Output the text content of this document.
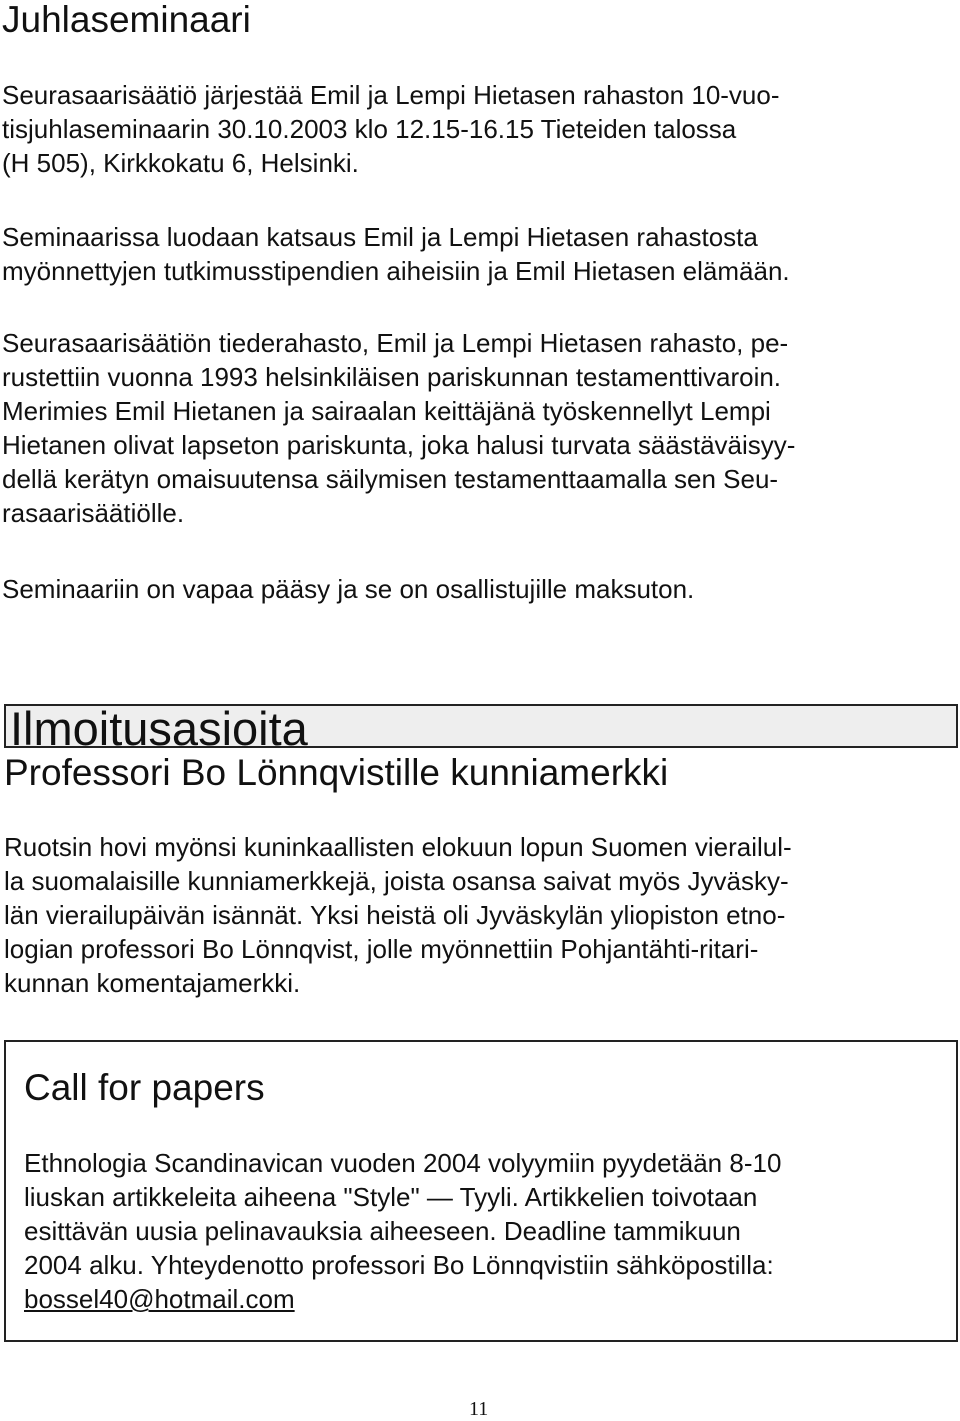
Juhlaseminaari
Seurasaarisäätiö järjestää Emil ja Lempi Hietasen rahaston 10-vuo-
tisjuhlaseminaarin 30.10.2003 klo 12.15-16.15 Tieteiden talossa
(H 505), Kirkkokatu 6, Helsinki.
Seminaarissa luodaan katsaus Emil ja Lempi Hietasen rahastosta
myönnettyjen tutkimusstipendien aiheisiin ja Emil Hietasen elämään.
Seurasaarisäätiön tiederahasto, Emil ja Lempi Hietasen rahasto, pe-
rustettiin vuonna 1993 helsinkiläisen pariskunnan testamenttivaroin.
Merimies Emil Hietanen ja sairaalan keittäjänä työskennellyt Lempi
Hietanen olivat lapseton pariskunta, joka halusi turvata säästäväisyy-
dellä kerätyn omaisuutensa säilymisen testamenttaamalla sen Seu-
rasaarisäätiölle.
Seminaariin on vapaa pääsy ja se on osallistujille maksuton.
Ilmoitusasioita
Professori Bo Lönnqvistille kunniamerkki
Ruotsin hovi myönsi kuninkaallisten elokuun lopun Suomen vierailul-
la suomalaisille kunniamerkkejä, joista osansa saivat myös Jyväsky-
län vierailupäivän isännät. Yksi heistä oli Jyväskylän yliopiston etno-
logian professori Bo Lönnqvist, jolle myönnettiin Pohjantähti-ritari-
kunnan komentajamerkki.
Call for papers
Ethnologia Scandinavican vuoden 2004 volyymiin pyydetään 8-10
liuskan artikkeleita aiheena "Style" — Tyyli. Artikkelien toivotaan
esittävän uusia pelinavauksia aiheeseen. Deadline tammikuun
2004 alku. Yhteydenotto professori Bo Lönnqvistiin sähköpostilla:
bossel40@hotmail.com
11
